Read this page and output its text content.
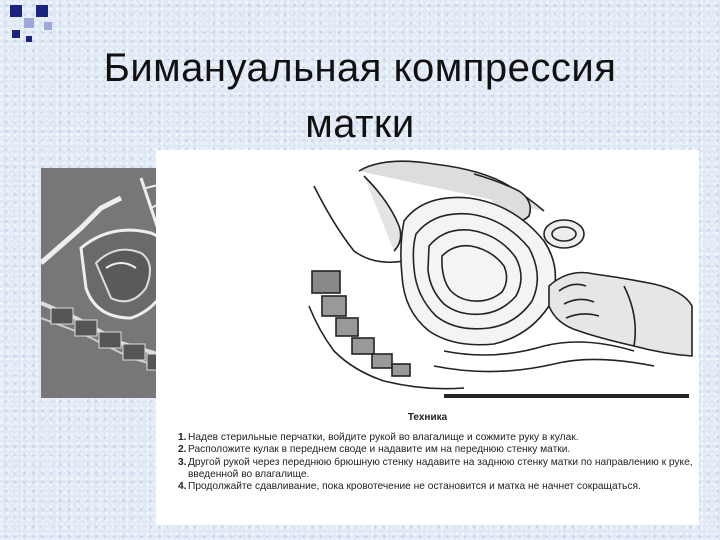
Бимануальная компрессия
матки
Техника
1. Надев стерильные перчатки, войдите рукой во влагалище и сожмите руку в кулак.
2. Расположите кулак в переднем своде и надавите им на переднюю стенку матки.
3. Другой рукой через переднюю брюшную стенку надавите на заднюю стенку матки по направлению к руке, введенной во влагалище.
4. Продолжайте сдавливание, пока кровотечение не остановится и матка не начнет сокращаться.
